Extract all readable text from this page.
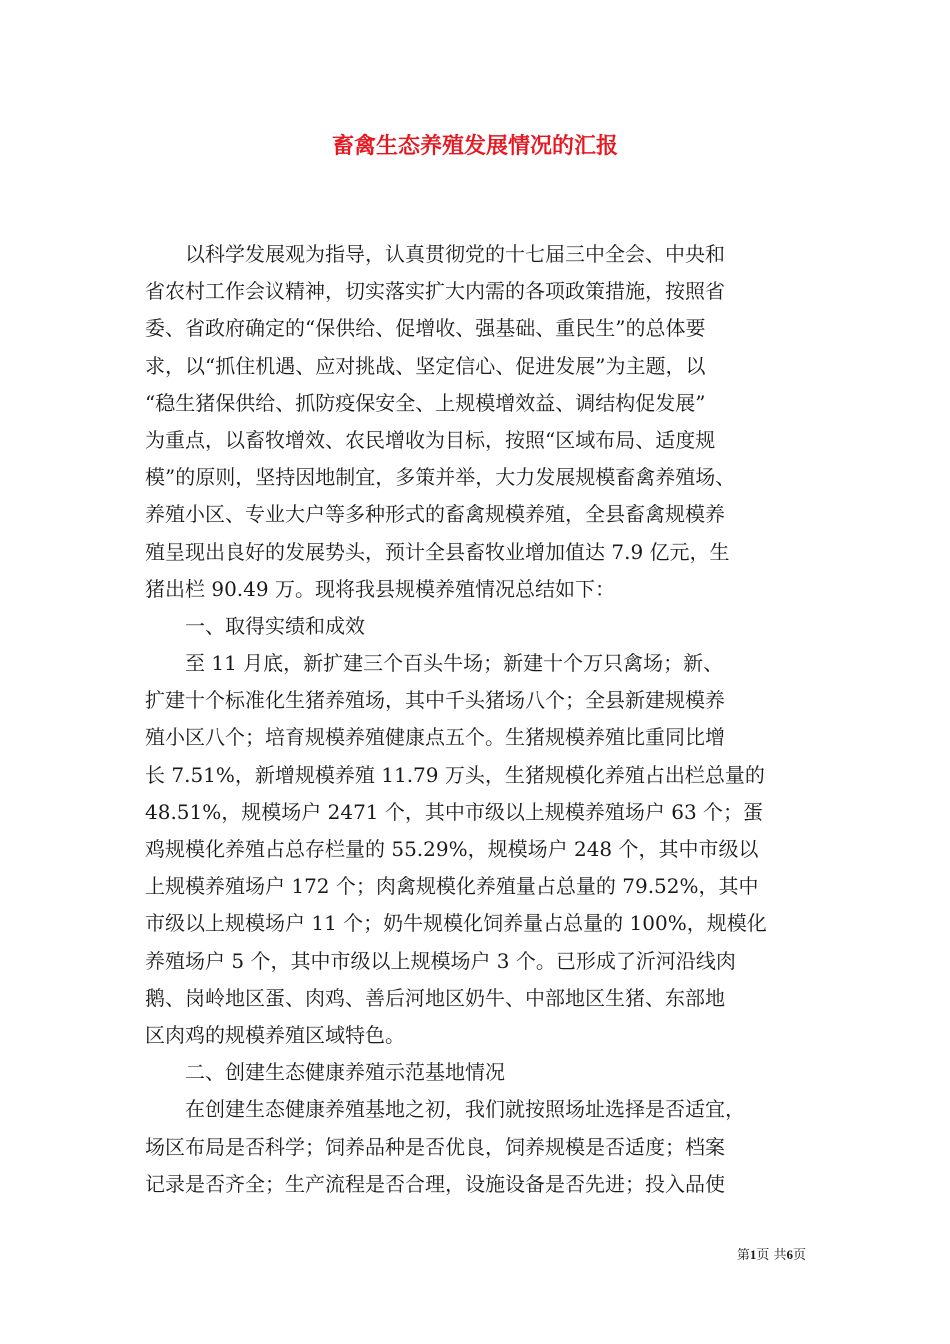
畜禽生态养殖发展情况的汇报
　　以科学发展观为指导，认真贯彻党的十七届三中全会、中央和
省农村工作会议精神，切实落实扩大内需的各项政策措施，按照省
委、省政府确定的“保供给、促增收、强基础、重民生”的总体要
求，以“抓住机遇、应对挑战、坚定信心、促进发展”为主题，以
“稳生猪保供给、抓防疫保安全、上规模增效益、调结构促发展”
为重点，以畜牧增效、农民增收为目标，按照“区域布局、适度规
模”的原则，坚持因地制宜，多策并举，大力发展规模畜禽养殖场、
养殖小区、专业大户等多种形式的畜禽规模养殖，全县畜禽规模养
殖呈现出良好的发展势头，预计全县畜牧业增加值达 7.9 亿元，生
猪出栏 90.49 万。现将我县规模养殖情况总结如下：
　　一、取得实绩和成效
　　至 11 月底，新扩建三个百头牛场；新建十个万只禽场；新、
扩建十个标准化生猪养殖场，其中千头猪场八个；全县新建规模养
殖小区八个；培育规模养殖健康点五个。生猪规模养殖比重同比增
长 7.51%，新增规模养殖 11.79 万头，生猪规模化养殖占出栏总量的
48.51%，规模场户 2471 个，其中市级以上规模养殖场户 63 个；蛋
鸡规模化养殖占总存栏量的 55.29%，规模场户 248 个，其中市级以
上规模养殖场户 172 个；肉禽规模化养殖量占总量的 79.52%，其中
市级以上规模场户 11 个；奶牛规模化饲养量占总量的 100%，规模化
养殖场户 5 个，其中市级以上规模场户 3 个。已形成了沂河沿线肉
鹅、岗岭地区蛋、肉鸡、善后河地区奶牛、中部地区生猪、东部地
区肉鸡的规模养殖区域特色。
　　二、创建生态健康养殖示范基地情况
　　在创建生态健康养殖基地之初，我们就按照场址选择是否适宜，
场区布局是否科学；饲养品种是否优良，饲养规模是否适度；档案
记录是否齐全；生产流程是否合理，设施设备是否先进；投入品使
第1页 共6页
